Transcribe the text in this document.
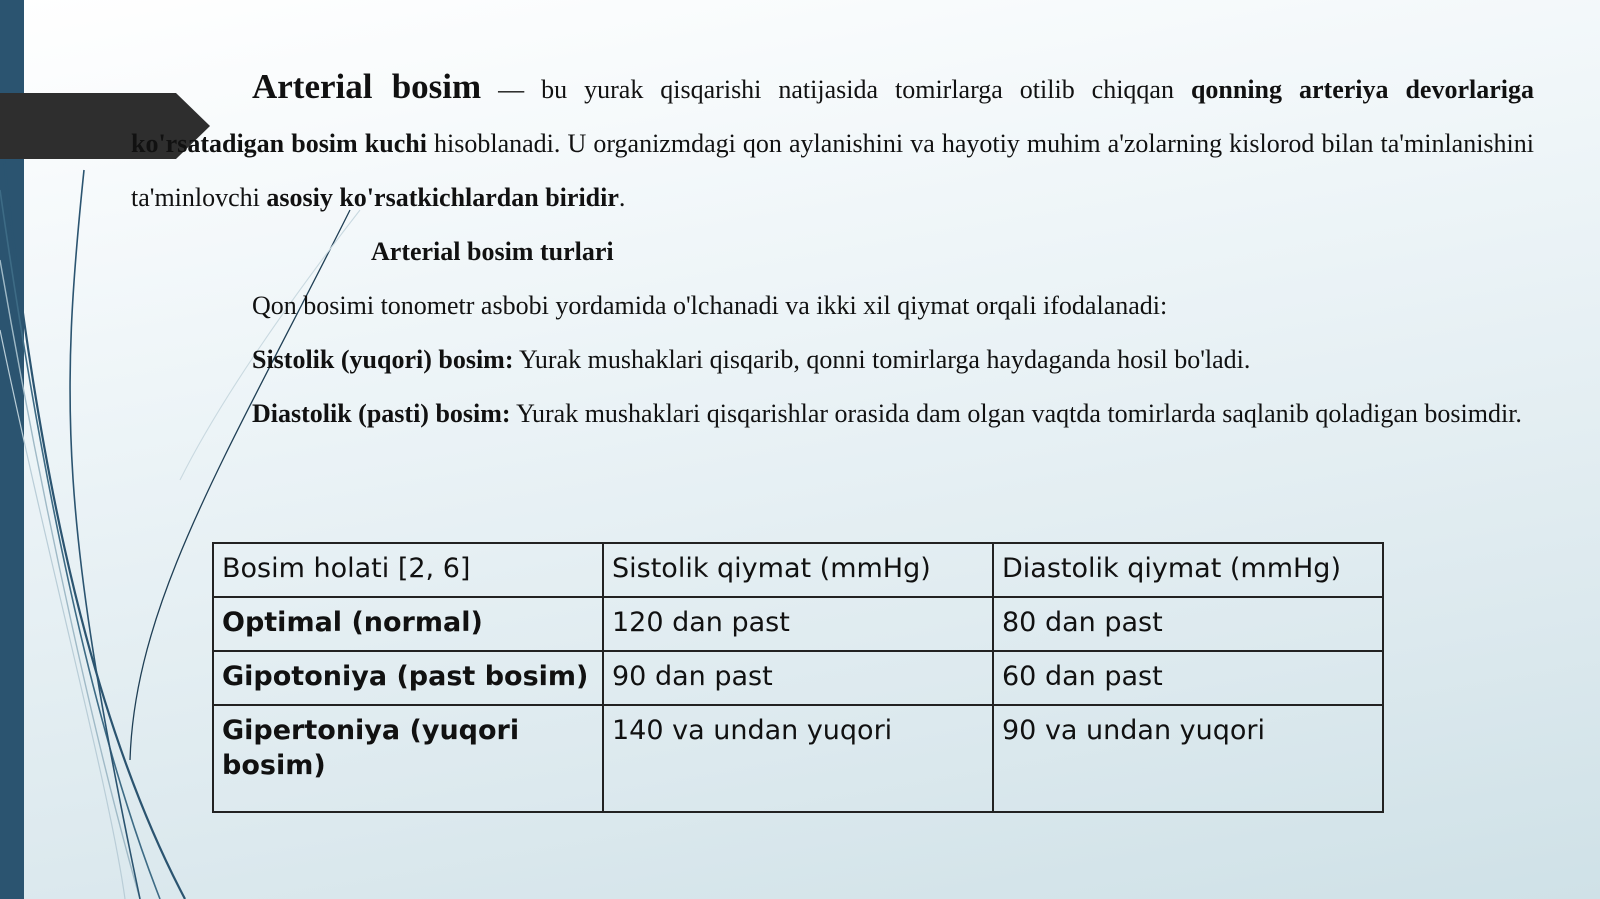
Arterial bosim — bu yurak qisqarishi natijasida tomirlarga otilib chiqqan qonning arteriya devorlariga ko'rsatadigan bosim kuchi hisoblanadi. U organizmdagi qon aylanishini va hayotiy muhim a'zolarning kislorod bilan ta'minlanishini ta'minlovchi asosiy ko'rsatkichlardan biridir.

Arterial bosim turlari

Qon bosimi tonometr asbobi yordamida o'lchanadi va ikki xil qiymat orqali ifodalanadi:

Sistolik (yuqori) bosim: Yurak mushaklari qisqarib, qonni tomirlarga haydaganda hosil bo'ladi.

Diastolik (pasti) bosim: Yurak mushaklari qisqarishlar orasida dam olgan vaqtda tomirlarda saqlanib qoladigan bosimdir.

Bosim holati [2, 6]	Sistolik qiymat (mmHg)	Diastolik qiymat (mmHg)
Optimal (normal)	120 dan past	80 dan past
Gipotoniya (past bosim)	90 dan past	60 dan past
Gipertoniya (yuqori bosim)	140 va undan yuqori	90 va undan yuqori
